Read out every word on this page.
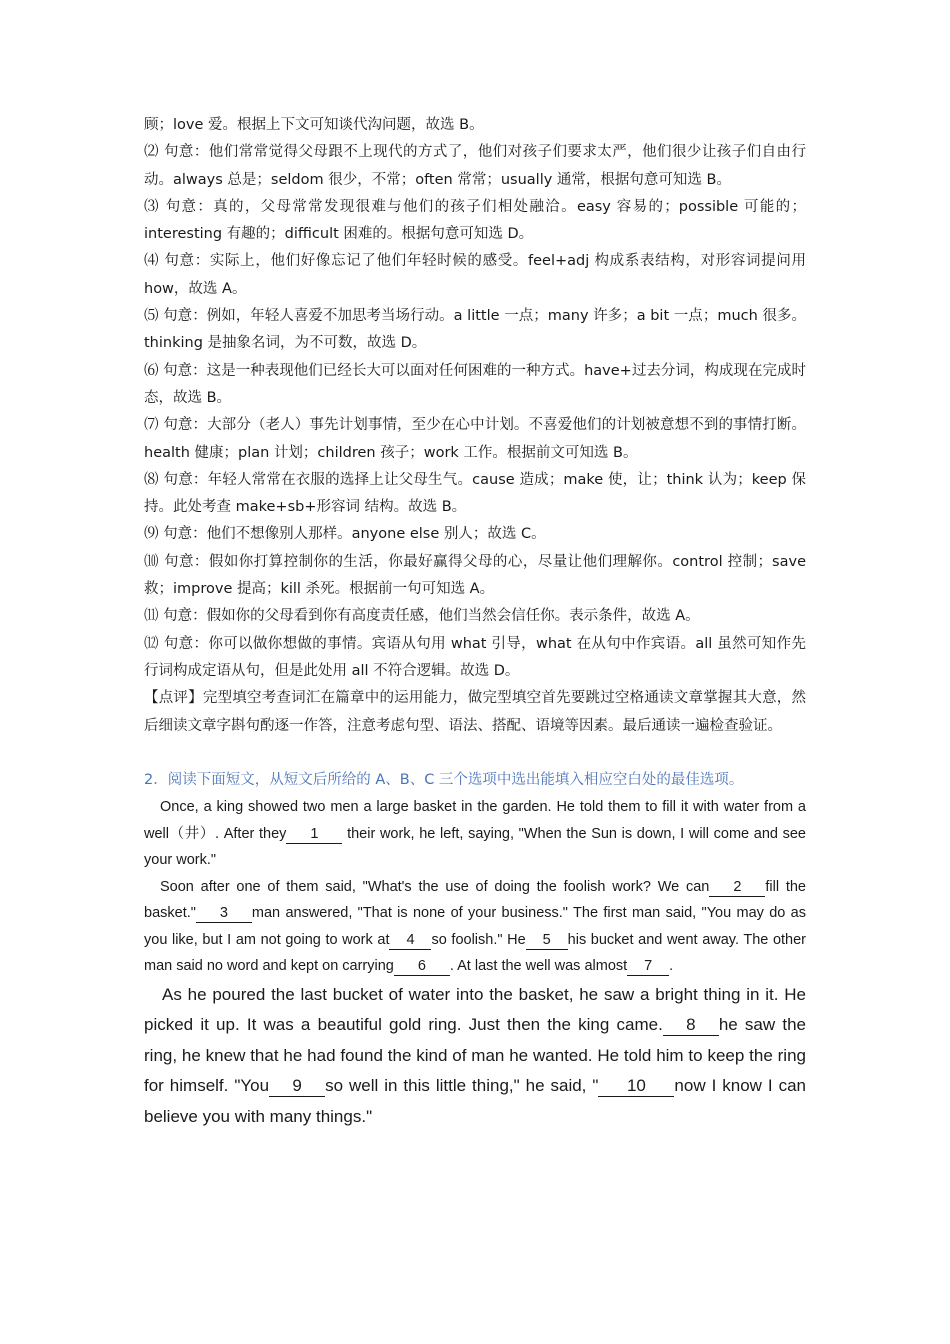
顾；love 爱。根据上下文可知谈代沟问题，故选 B。

⑵ 句意：他们常常觉得父母跟不上现代的方式了，他们对孩子们要求太严，他们很少让孩子们自由行动。always 总是；seldom 很少，不常；often 常常；usually 通常，根据句意可知选 B。

⑶ 句意：真的，父母常常发现很难与他们的孩子们相处融洽。easy 容易的；possible 可能的；interesting 有趣的；difficult 困难的。根据句意可知选 D。

⑷ 句意：实际上，他们好像忘记了他们年轻时候的感受。feel+adj 构成系表结构，对形容词提问用 how，故选 A。

⑸ 句意：例如，年轻人喜爱不加思考当场行动。a little 一点；many 许多；a bit 一点；much 很多。thinking 是抽象名词，为不可数，故选 D。

⑹ 句意：这是一种表现他们已经长大可以面对任何困难的一种方式。have+过去分词，构成现在完成时态，故选 B。

⑺ 句意：大部分（老人）事先计划事情，至少在心中计划。不喜爱他们的计划被意想不到的事情打断。health 健康；plan 计划；children 孩子；work 工作。根据前文可知选 B。

⑻ 句意：年轻人常常在衣服的选择上让父母生气。cause 造成；make 使，让；think 认为；keep 保持。此处考查 make+sb+形容词 结构。故选 B。

⑼ 句意：他们不想像别人那样。anyone else 别人；故选 C。

⑽ 句意：假如你打算控制你的生活，你最好赢得父母的心，尽量让他们理解你。control 控制；save 救；improve 提高；kill 杀死。根据前一句可知选 A。

⑾ 句意：假如你的父母看到你有高度责任感，他们当然会信任你。表示条件，故选 A。

⑿ 句意：你可以做你想做的事情。宾语从句用 what 引导，what 在从句中作宾语。all 虽然可知作先行词构成定语从句，但是此处用 all 不符合逻辑。故选 D。

【点评】完型填空考查词汇在篇章中的运用能力，做完型填空首先要跳过空格通读文章掌握其大意，然后细读文章字斟句酌逐一作答，注意考虑句型、语法、搭配、语境等因素。最后通读一遍检查验证。

2．阅读下面短文，从短文后所给的 A、B、C 三个选项中选出能填入相应空白处的最佳选项。

Once, a king showed two men a large basket in the garden. He told them to fill it with water from a well（井）. After they 1 their work, he left, saying, "When the Sun is down, I will come and see your work."

Soon after one of them said, "What's the use of doing the foolish work? We can 2 fill the basket." 3 man answered, "That is none of your business." The first man said, "You may do as you like, but I am not going to work at 4 so foolish." He 5 his bucket and went away. The other man said no word and kept on carrying 6 . At last the well was almost 7 .

As he poured the last bucket of water into the basket, he saw a bright thing in it. He picked it up. It was a beautiful gold ring. Just then the king came. 8 he saw the ring, he knew that he had found the kind of man he wanted. He told him to keep the ring for himself. "You 9 so well in this little thing," he said, " 10 now I know I can believe you with many things."
